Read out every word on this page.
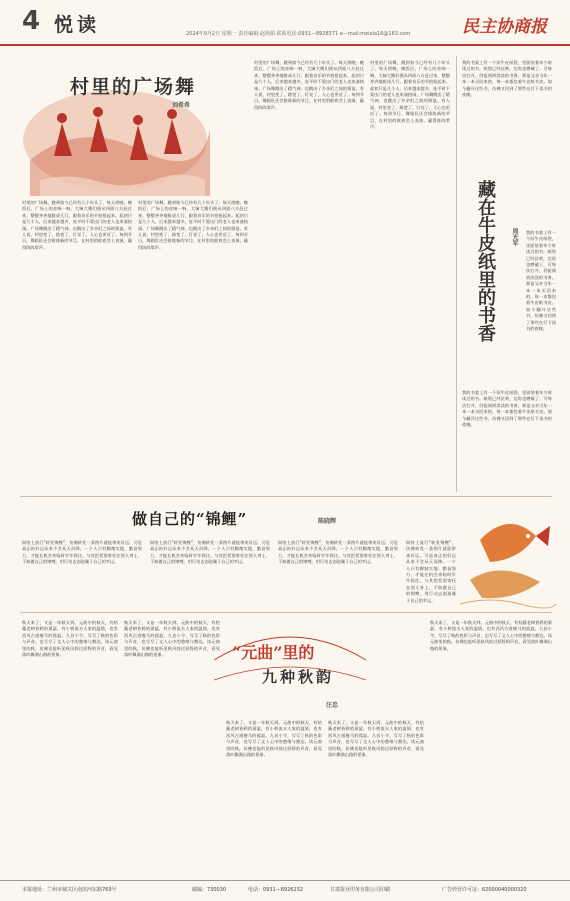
4 悦读	2024年9月2日 星期一 责任编辑:赵海娟 联系电话:0931—8928371 e—mail:meixia16@163.com	民主协商报
村里的广场舞
刘希希
村里的广场舞，跳到如今已经有几个年头了。每天傍晚，晚饭后，广场上的音响一响，大婶大嫂们便从四面八方赶过来，整整齐齐地排成几行，跟着音乐的节拍扭起来。起初只是几个人，后来越来越多，连平时不爱出门的老人也来凑热闹。广场舞跳出了精气神，也跳出了乡亲们之间的情谊。有人说，村里变了，路宽了，灯亮了，人心也更近了。每到节日，舞蹈队还会排练新的节目，在村里的联欢会上表演，赢得阵阵掌声。
村里的广场舞，跳到如今已经有几个年头了。每天傍晚，晚饭后，广场上的音响一响，大婶大嫂们便从四面八方赶过来，整整齐齐地排成几行，跟着音乐的节拍扭起来。起初只是几个人，后来越来越多，连平时不爱出门的老人也来凑热闹。广场舞跳出了精气神，也跳出了乡亲们之间的情谊。有人说，村里变了，路宽了，灯亮了，人心也更近了。每到节日，舞蹈队还会排练新的节目，在村里的联欢会上表演，赢得阵阵掌声。
村里的广场舞，跳到如今已经有几个年头了。每天傍晚，晚饭后，广场上的音响一响，大婶大嫂们便从四面八方赶过来，整整齐齐地排成几行，跟着音乐的节拍扭起来。起初只是几个人，后来越来越多，连平时不爱出门的老人也来凑热闹。广场舞跳出了精气神，也跳出了乡亲们之间的情谊。有人说，村里变了，路宽了，灯亮了，人心也更近了。每到节日，舞蹈队还会排练新的节目，在村里的联欢会上表演，赢得阵阵掌声。
村里的广场舞，跳到如今已经有几个年头了。每天傍晚，晚饭后，广场上的音响一响，大婶大嫂们便从四面八方赶过来，整整齐齐地排成几行，跟着音乐的节拍扭起来。起初只是几个人，后来越来越多，连平时不爱出门的老人也来凑热闹。广场舞跳出了精气神，也跳出了乡亲们之间的情谊。有人说，村里变了，路宽了，灯亮了，人心也更近了。每到节日，舞蹈队还会排练新的节目，在村里的联欢会上表演，赢得阵阵掌声。
藏在牛皮纸里的书香	周光军
我的书架上有一个旧牛皮纸袋，里面装着年少时读过的书。纸袋已经泛黄，边角也磨破了，可每次打开，仍能闻到淡淡的书香。那是父亲当年一本一本买回来的，每一本都包着牛皮纸书皮。如今翻开这些书，仿佛又回到了那些在灯下读书的夜晚。
我的书架上有一个旧牛皮纸袋，里面装着年少时读过的书。纸袋已经泛黄，边角也磨破了，可每次打开，仍能闻到淡淡的书香。那是父亲当年一本一本买回来的，每一本都包着牛皮纸书皮。如今翻开这些书，仿佛又回到了那些在灯下读书的夜晚。
我的书架上有一个旧牛皮纸袋，里面装着年少时读过的书。纸袋已经泛黄，边角也磨破了，可每次打开，仍能闻到淡淡的书香。那是父亲当年一本一本买回来的，每一本都包着牛皮纸书皮。如今翻开这些书，仿佛又回到了那些在灯下读书的夜晚。
做自己的“锦鲤”	陈晓辉
网络上流行“转发锦鲤”，仿佛转发一条图片就能带来好运。可是真正的好运从来不会从天而降。一个人只有脚踏实地、勤奋努力，才能在机会来临时牢牢抓住。与其把希望寄托在别人身上，不如做自己的锦鲤，用行动去创造属于自己的幸运。
网络上流行“转发锦鲤”，仿佛转发一条图片就能带来好运。可是真正的好运从来不会从天而降。一个人只有脚踏实地、勤奋努力，才能在机会来临时牢牢抓住。与其把希望寄托在别人身上，不如做自己的锦鲤，用行动去创造属于自己的幸运。
网络上流行“转发锦鲤”，仿佛转发一条图片就能带来好运。可是真正的好运从来不会从天而降。一个人只有脚踏实地、勤奋努力，才能在机会来临时牢牢抓住。与其把希望寄托在别人身上，不如做自己的锦鲤，用行动去创造属于自己的幸运。
网络上流行“转发锦鲤”，仿佛转发一条图片就能带来好运。可是真正的好运从来不会从天而降。一个人只有脚踏实地、勤奋努力，才能在机会来临时牢牢抓住。与其把希望寄托在别人身上，不如做自己的锦鲤，用行动去创造属于自己的幸运。
“元曲”里的
九种秋韵
汪忠
秋天来了，又是一年秋天到。元曲中的秋天，有枯藤老树昏鸦的萧瑟，有小桥流水人家的温情，也有西风古道瘦马的孤寂。九首小令，写尽了秋的色彩与声音，也写尽了文人心中的愁绪与豁达。读元曲里的秋，仿佛也能听见秋风掠过原野的声音，看见落叶飘满山路的景象。
秋天来了，又是一年秋天到。元曲中的秋天，有枯藤老树昏鸦的萧瑟，有小桥流水人家的温情，也有西风古道瘦马的孤寂。九首小令，写尽了秋的色彩与声音，也写尽了文人心中的愁绪与豁达。读元曲里的秋，仿佛也能听见秋风掠过原野的声音，看见落叶飘满山路的景象。
秋天来了，又是一年秋天到。元曲中的秋天，有枯藤老树昏鸦的萧瑟，有小桥流水人家的温情，也有西风古道瘦马的孤寂。九首小令，写尽了秋的色彩与声音，也写尽了文人心中的愁绪与豁达。读元曲里的秋，仿佛也能听见秋风掠过原野的声音，看见落叶飘满山路的景象。
秋天来了，又是一年秋天到。元曲中的秋天，有枯藤老树昏鸦的萧瑟，有小桥流水人家的温情，也有西风古道瘦马的孤寂。九首小令，写尽了秋的色彩与声音，也写尽了文人心中的愁绪与豁达。读元曲里的秋，仿佛也能听见秋风掠过原野的声音，看见落叶飘满山路的景象。
秋天来了，又是一年秋天到。元曲中的秋天，有枯藤老树昏鸦的萧瑟，有小桥流水人家的温情，也有西风古道瘦马的孤寂。九首小令，写尽了秋的色彩与声音，也写尽了文人心中的愁绪与豁达。读元曲里的秋，仿佛也能听见秋风掠过原野的声音，看见落叶飘满山路的景象。
本报地址：兰州市城关区南滨河东路769号	邮编：730030	电话：0931—8926232	甘肃报业印务有限公司印刷	广告经营许可证：62000040000320
